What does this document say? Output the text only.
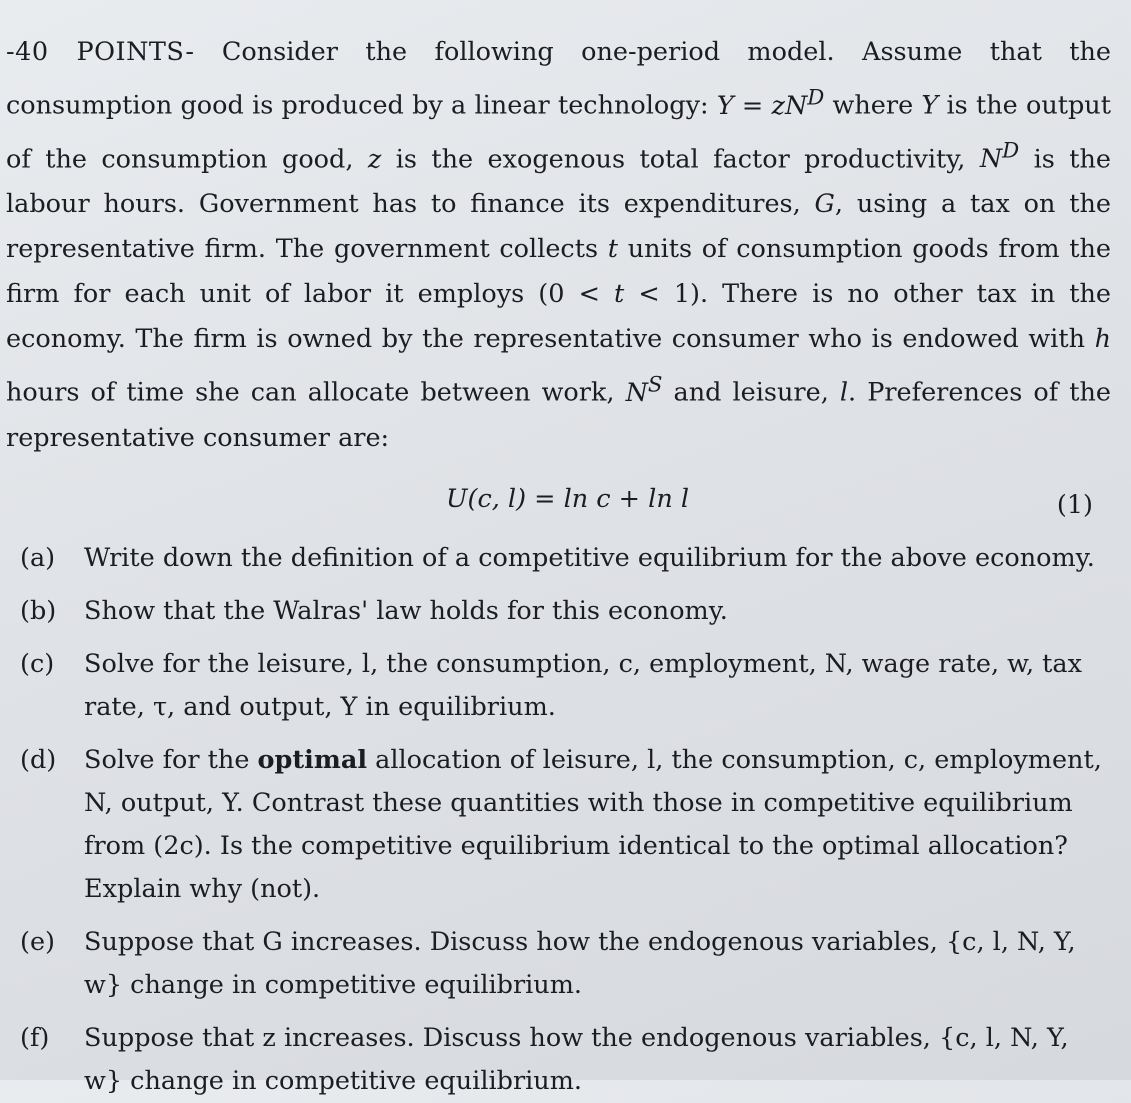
-40 POINTS- Consider the following one-period model. Assume that the consumption good is produced by a linear technology: $Y = zN^D$ where Y is the output of the consumption good, z is the exogenous total factor productivity, $N^D$ is the labour hours. Government has to finance its expenditures, G, using a tax on the representative firm. The government collects t units of consumption goods from the firm for each unit of labor it employs (0 < t < 1). There is no other tax in the economy. The firm is owned by the representative consumer who is endowed with h hours of time she can allocate between work, $N^S$ and leisure, l. Preferences of the representative consumer are:

U(c, l) = ln c + ln l	(1)
(a) Write down the definition of a competitive equilibrium for the above economy.
(b) Show that the Walras' law holds for this economy.
(c) Solve for the leisure, l, the consumption, c, employment, N, wage rate, w, tax rate, τ, and output, Y in equilibrium.
(d) Solve for the optimal allocation of leisure, l, the consumption, c, employment, N, output, Y. Contrast these quantities with those in competitive equilibrium from (2c). Is the competitive equilibrium identical to the optimal allocation? Explain why (not).
(e) Suppose that G increases. Discuss how the endogenous variables, {c, l, N, Y, w} change in competitive equilibrium.
(f) Suppose that z increases. Discuss how the endogenous variables, {c, l, N, Y, w} change in competitive equilibrium.
